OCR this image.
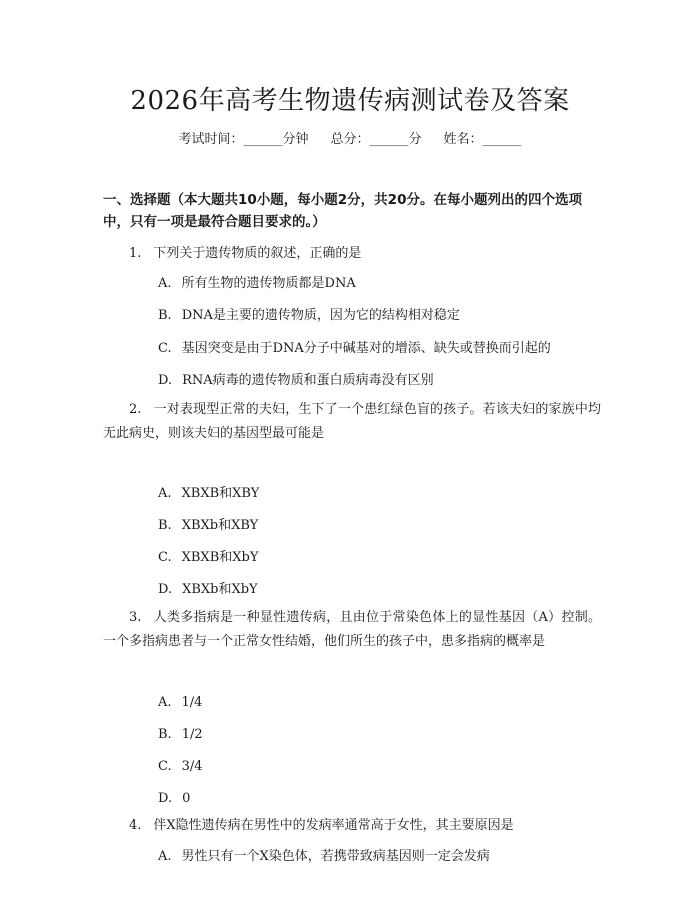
2026年高考生物遗传病测试卷及答案
考试时间：______分钟 总分：______分 姓名：______
一、选择题（本大题共10小题，每小题2分，共20分。在每小题列出的四个选项中，只有一项是最符合题目要求的。）
1. 下列关于遗传物质的叙述，正确的是
A. 所有生物的遗传物质都是DNA
B. DNA是主要的遗传物质，因为它的结构相对稳定
C. 基因突变是由于DNA分子中碱基对的增添、缺失或替换而引起的
D. RNA病毒的遗传物质和蛋白质病毒没有区别
2. 一对表现型正常的夫妇，生下了一个患红绿色盲的孩子。若该夫妇的家族中均无此病史，则该夫妇的基因型最可能是
A. XBXB和XBY
B. XBXb和XBY
C. XBXB和XbY
D. XBXb和XbY
3. 人类多指病是一种显性遗传病，且由位于常染色体上的显性基因（A）控制。一个多指病患者与一个正常女性结婚，他们所生的孩子中，患多指病的概率是
A. 1/4
B. 1/2
C. 3/4
D. 0
4. 伴X隐性遗传病在男性中的发病率通常高于女性，其主要原因是
A. 男性只有一个X染色体，若携带致病基因则一定会发病
